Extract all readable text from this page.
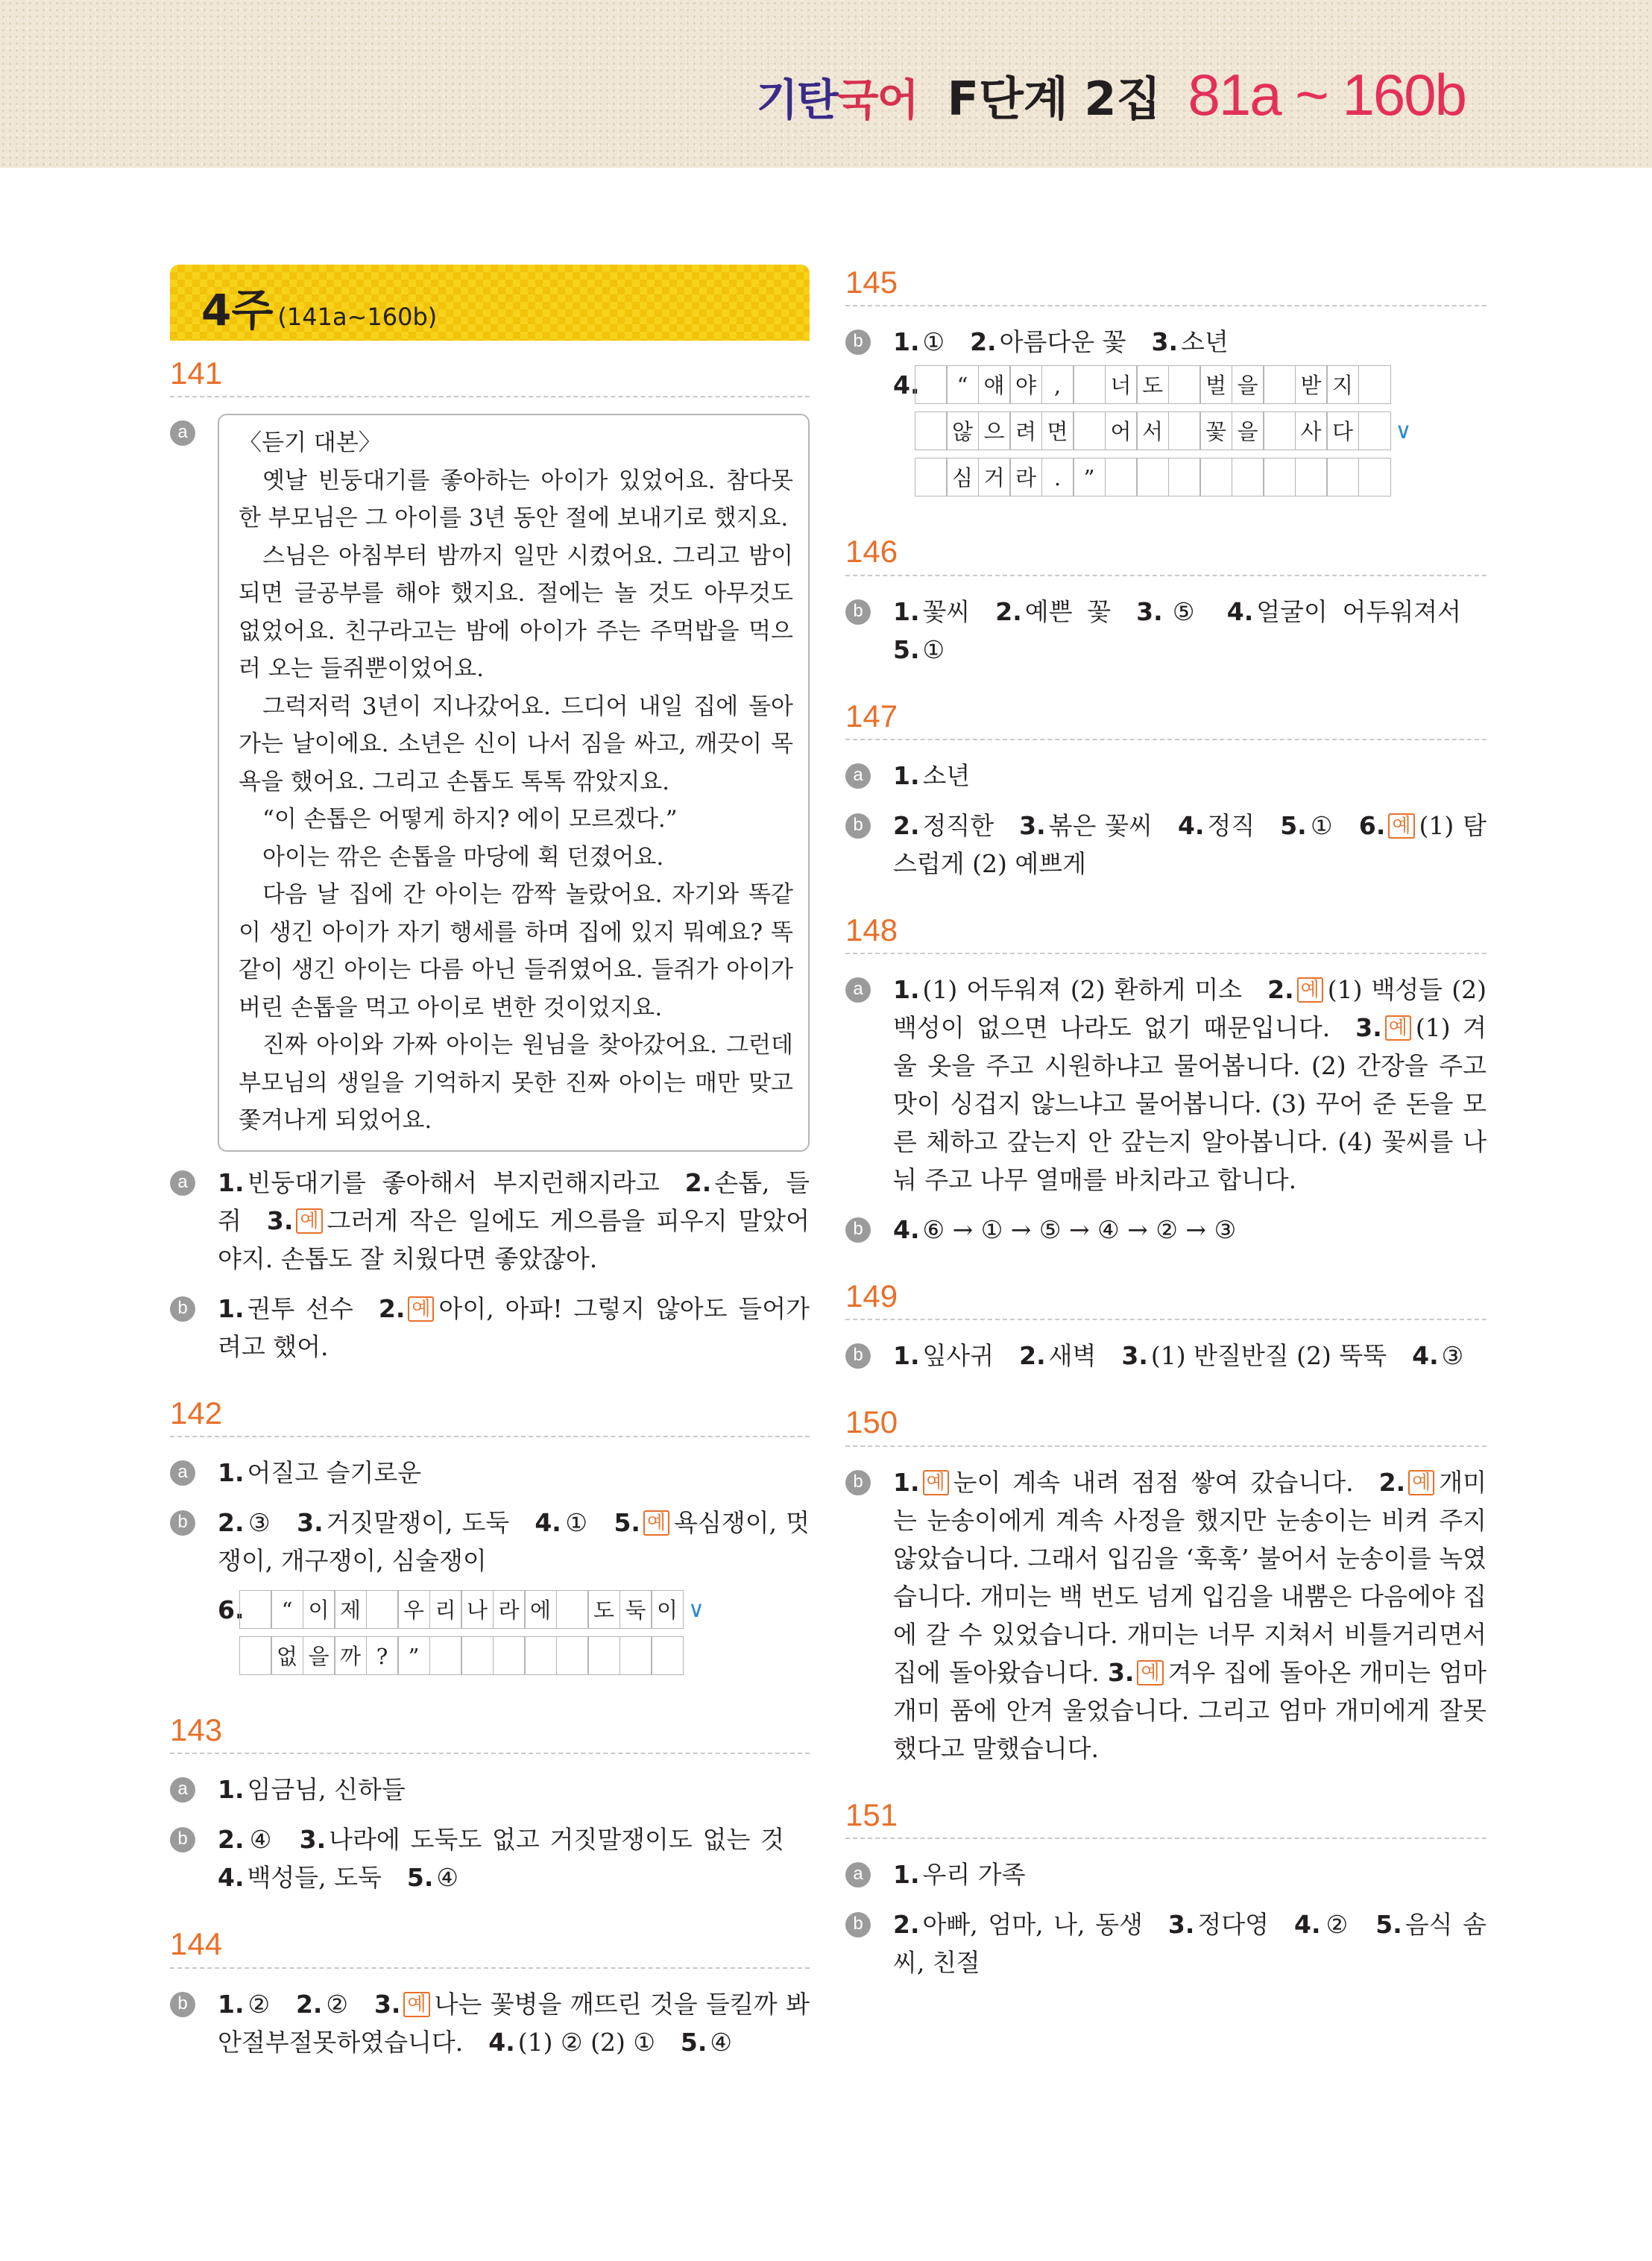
기탄국어 F단계 2집 81a ~ 160b
4주 (141a~160b)
141
a	〈듣기 대본〉

옛날 빈둥대기를 좋아하는 아이가 있었어요. 참다못한 부모님은 그 아이를 3년 동안 절에 보내기로 했지요.

스님은 아침부터 밤까지 일만 시켰어요. 그리고 밤이 되면 글공부를 해야 했지요. 절에는 놀 것도 아무것도 없었어요. 친구라고는 밤에 아이가 주는 주먹밥을 먹으러 오는 들쥐뿐이었어요.

그럭저럭 3년이 지나갔어요. 드디어 내일 집에 돌아가는 날이에요. 소년은 신이 나서 짐을 싸고, 깨끗이 목욕을 했어요. 그리고 손톱도 톡톡 깎았지요.

“이 손톱은 어떻게 하지? 에이 모르겠다.”

아이는 깎은 손톱을 마당에 휙 던졌어요.

다음 날 집에 간 아이는 깜짝 놀랐어요. 자기와 똑같이 생긴 아이가 자기 행세를 하며 집에 있지 뭐예요? 똑같이 생긴 아이는 다름 아닌 들쥐였어요. 들쥐가 아이가 버린 손톱을 먹고 아이로 변한 것이었지요.

진짜 아이와 가짜 아이는 원님을 찾아갔어요. 그런데 부모님의 생일을 기억하지 못한 진짜 아이는 매만 맞고 쫓겨나게 되었어요.

a	1. 빈둥대기를 좋아해서 부지런해지라고 2. 손톱, 들쥐 3. 예 그러게 작은 일에도 게으름을 피우지 말았어야지. 손톱도 잘 치웠다면 좋았잖아.
b	1. 권투 선수 2. 예 아이, 아파! 그렇지 않아도 들어가려고 했어.
142
a	1. 어질고 슬기로운
b	2. ③ 3. 거짓말쟁이, 도둑 4. ① 5. 예 욕심쟁이, 멋쟁이, 개구쟁이, 심술쟁이
6.	“ 이 제 우 리 나 라 에 도 둑 이 ∨
없 을 까 ? ”
143
a	1. 임금님, 신하들
b	2. ④ 3. 나라에 도둑도 없고 거짓말쟁이도 없는 것4. 백성들, 도둑 5. ④
144
b	1. ② 2. ② 3. 예 나는 꽃병을 깨뜨린 것을 들킬까 봐 안절부절못하였습니다. 4. (1) ② (2) ① 5. ④
145
b	1. ① 2. 아름다운 꽃 3. 소년
4.	“ 얘 야 ,	너 도 벌 을 받 지
않 으 려 면 어 서 꽃 을 사 다 ∨
심 거 라 .	”
146
b	1. 꽃씨 2. 예쁜 꽃 3. ⑤ 4. 얼굴이 어두워져서5. ①
147
a	1. 소년
b	2. 정직한 3. 볶은 꽃씨 4. 정직 5. ① 6. 예 (1) 탐스럽게 (2) 예쁘게
148
a	1. (1) 어두워져 (2) 환하게 미소 2. 예 (1) 백성들 (2) 백성이 없으면 나라도 없기 때문입니다. 3. 예 (1) 겨울 옷을 주고 시원하냐고 물어봅니다. (2) 간장을 주고 맛이 싱겁지 않느냐고 물어봅니다. (3) 꾸어 준 돈을 모른 체하고 갚는지 안 갚는지 알아봅니다. (4) 꽃씨를 나눠 주고 나무 열매를 바치라고 합니다.
b	4. ⑥ → ① → ⑤ → ④ → ② → ③
149
b	1. 잎사귀 2. 새벽 3. (1) 반질반질 (2) 뚝뚝 4. ③
150
b	1. 예 눈이 계속 내려 점점 쌓여 갔습니다. 2. 예 개미는 눈송이에게 계속 사정을 했지만 눈송이는 비켜 주지 않았습니다. 그래서 입김을 ‘훅훅’ 불어서 눈송이를 녹였습니다. 개미는 백 번도 넘게 입김을 내뿜은 다음에야 집에 갈 수 있었습니다. 개미는 너무 지쳐서 비틀거리면서 집에 돌아왔습니다. 3. 예 겨우 집에 돌아온 개미는 엄마 개미 품에 안겨 울었습니다. 그리고 엄마 개미에게 잘못했다고 말했습니다.
151
a	1. 우리 가족
b	2. 아빠, 엄마, 나, 동생 3. 정다영 4. ② 5. 음식 솜씨, 친절
